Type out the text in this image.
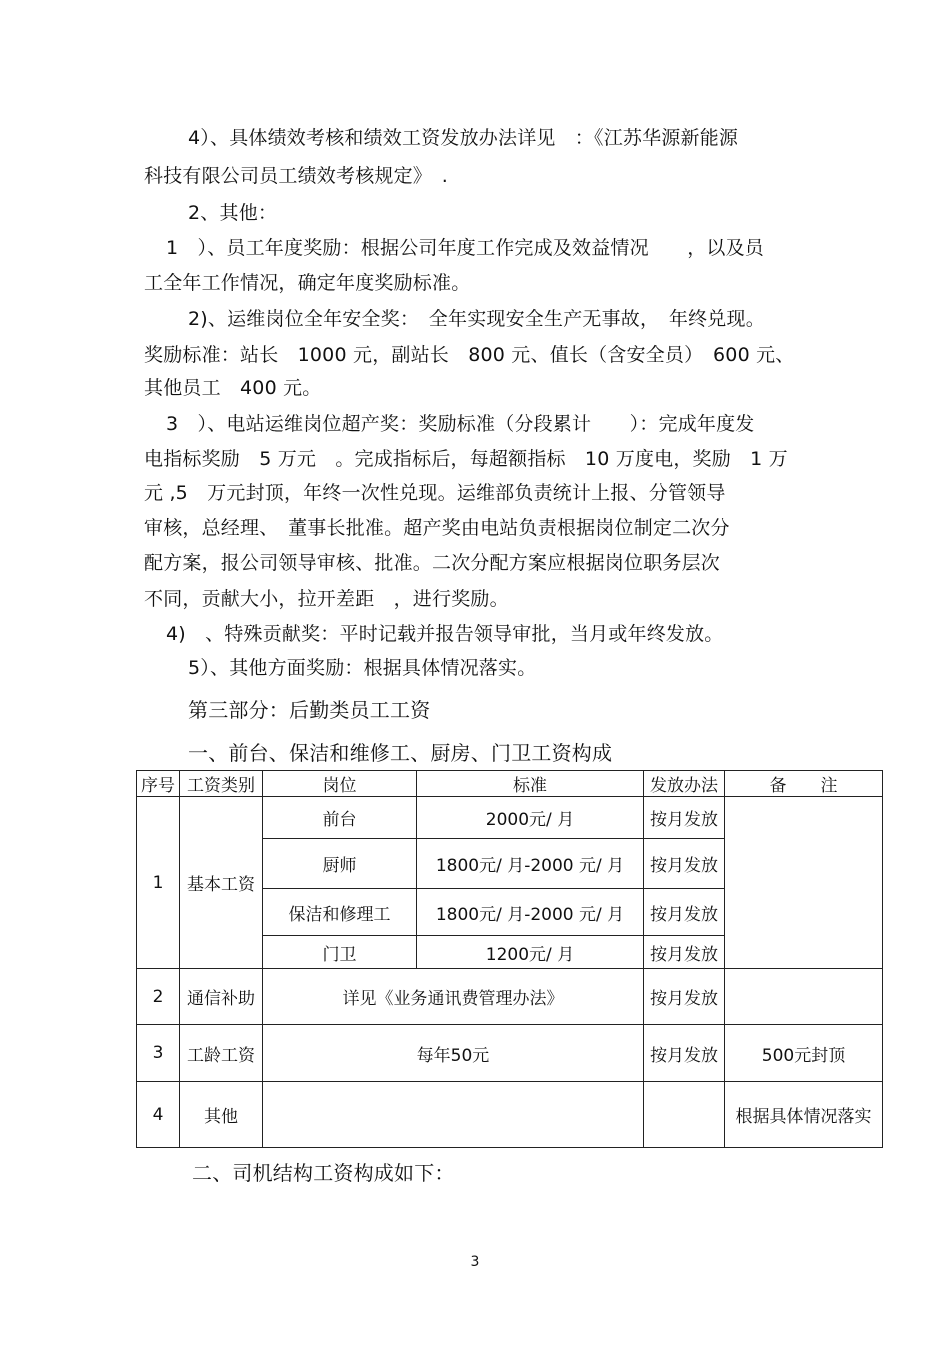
4）、具体绩效考核和绩效工资发放办法详见　：《江苏华源新能源
科技有限公司员工绩效考核规定》　.
2、其他：
1　）、员工年度奖励：根据公司年度工作完成及效益情况　　，以及员
工全年工作情况，确定年度奖励标准。
2)、运维岗位全年安全奖：　全年实现安全生产无事故，　年终兑现。
奖励标准：站长　1000 元，副站长　800 元、值长（含安全员）　600 元、
其他员工　400 元。
3　）、电站运维岗位超产奖：奖励标准（分段累计　　）：完成年度发
电指标奖励　5 万元　。完成指标后，每超额指标　10 万度电，奖励　1 万
元 ,5　万元封顶，年终一次性兑现。运维部负责统计上报、分管领导
审核，总经理、　董事长批准。超产奖由电站负责根据岗位制定二次分
配方案，报公司领导审核、批准。二次分配方案应根据岗位职务层次
不同，贡献大小，拉开差距　，进行奖励。
4)　、特殊贡献奖：平时记载并报告领导审批，当月或年终发放。
5）、其他方面奖励：根据具体情况落实。
第三部分：后勤类员工工资
一、前台、保洁和维修工、厨房、门卫工资构成
序号	工资类别	岗位	标准	发放办法	备　　注
1	基本工资	前台	2000元/ 月	按月发放	
		厨师	1800元/ 月-2000 元/ 月	按月发放	
		保洁和修理工	1800元/ 月-2000 元/ 月	按月发放	
		门卫	1200元/ 月	按月发放	
2	通信补助	详见《业务通讯费管理办法》		按月发放	
3	工龄工资	每年50元		按月发放	500元封顶
4	其他				根据具体情况落实
二、司机结构工资构成如下：
3
